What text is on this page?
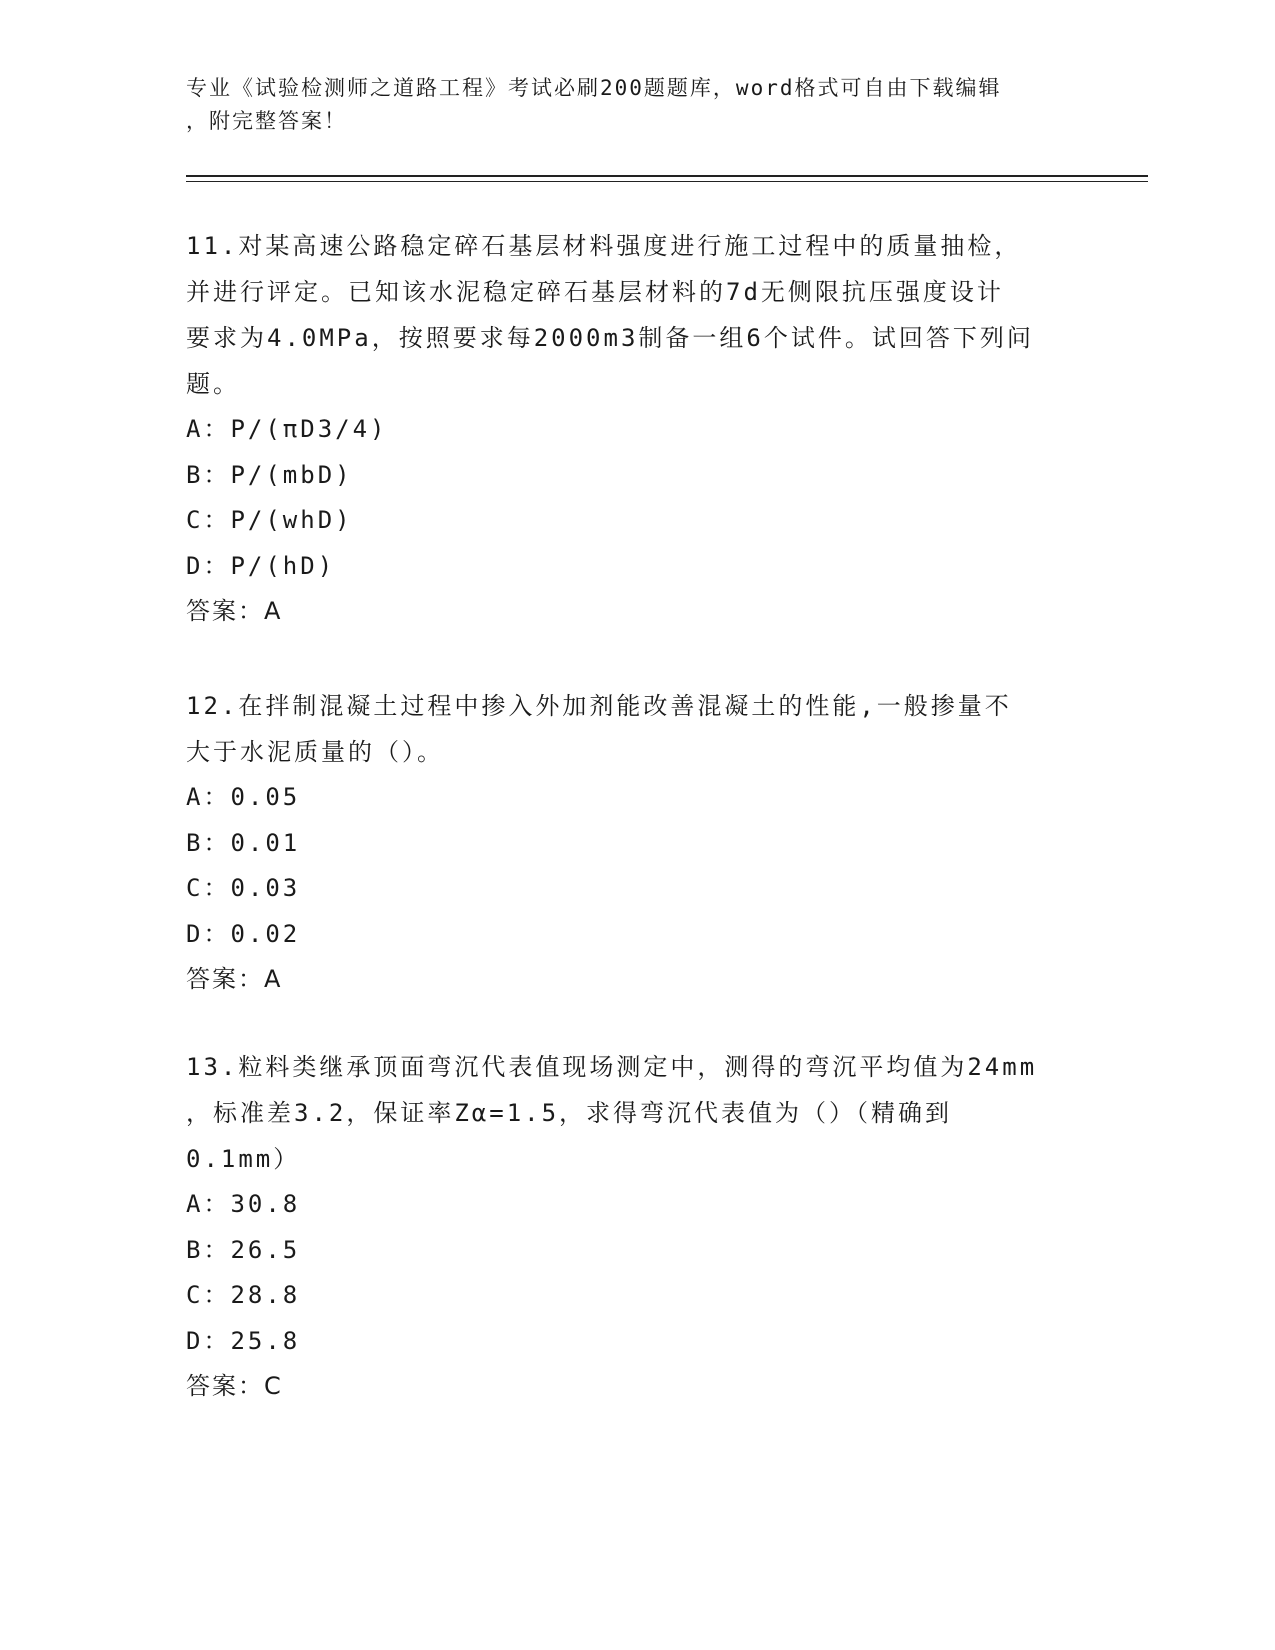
专业《试验检测师之道路工程》考试必刷200题题库，word格式可自由下载编辑
，附完整答案！
11.对某高速公路稳定碎石基层材料强度进行施工过程中的质量抽检，
并进行评定。已知该水泥稳定碎石基层材料的7d无侧限抗压强度设计
要求为4.0MPa，按照要求每2000m3制备一组6个试件。试回答下列问
题。
A：P/(πD3/4)
B：P/(mbD)
C：P/(whD)
D：P/(hD)
答案：A
12.在拌制混凝土过程中掺入外加剂能改善混凝土的性能,一般掺量不
大于水泥质量的（）。
A：0.05
B：0.01
C：0.03
D：0.02
答案：A
13.粒料类继承顶面弯沉代表值现场测定中，测得的弯沉平均值为24mm
，标准差3.2，保证率Zα=1.5，求得弯沉代表值为（）（精确到
0.1mm）
A：30.8
B：26.5
C：28.8
D：25.8
答案：C
